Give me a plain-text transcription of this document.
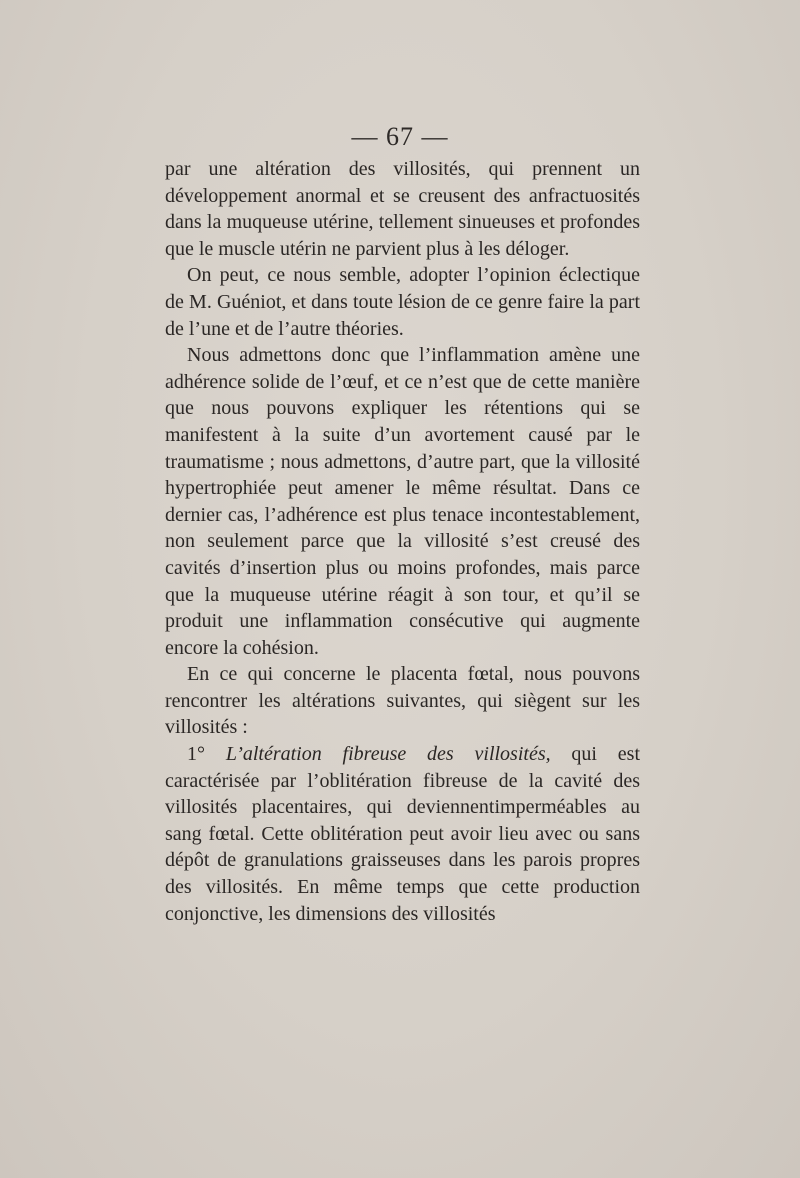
— 67 —

par une altération des villosités, qui prennent un développement anormal et se creusent des anfractuosités dans la muqueuse utérine, tellement sinueuses et profondes que le muscle utérin ne parvient plus à les déloger.

On peut, ce nous semble, adopter l’opinion éclectique de M. Guéniot, et dans toute lésion de ce genre faire la part de l’une et de l’autre théories.

Nous admettons donc que l’inflammation amène une adhérence solide de l’œuf, et ce n’est que de cette manière que nous pouvons expliquer les rétentions qui se manifestent à la suite d’un avortement causé par le traumatisme ; nous admettons, d’autre part, que la villosité hypertrophiée peut amener le même résultat. Dans ce dernier cas, l’adhérence est plus tenace incontestablement, non seulement parce que la villosité s’est creusé des cavités d’insertion plus ou moins profondes, mais parce que la muqueuse utérine réagit à son tour, et qu’il se produit une inflammation consécutive qui augmente encore la cohésion.

En ce qui concerne le placenta fœtal, nous pouvons rencontrer les altérations suivantes, qui siègent sur les villosités :

1° L’altération fibreuse des villosités, qui est caractérisée par l’oblitération fibreuse de la cavité des villosités placentaires, qui deviennentimperméables au sang fœtal. Cette oblitération peut avoir lieu avec ou sans dépôt de granulations graisseuses dans les parois propres des villosités. En même temps que cette production conjonctive, les dimensions des villosités
